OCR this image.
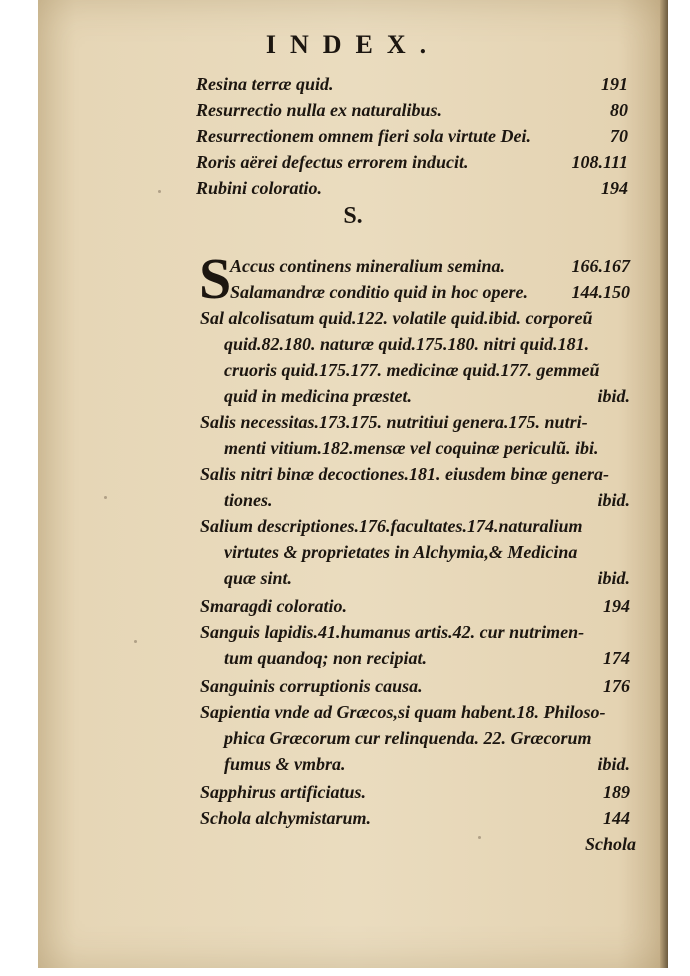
INDEX.
Resina terræ quid.	191
Resurrectio nulla ex naturalibus.	80
Resurrectionem omnem fieri sola virtute Dei.	70
Roris aërei defectus errorem inducit.	108.111
Rubini coloratio.	194
S.
S
Accus continens mineralium semina.	166.167
Salamandræ conditio quid in hoc opere. 144.150
Sal alcolisatum quid.122. volatile quid.ibid. corporeũ
quid.82.180. naturæ quid.175.180. nitri quid.181.
cruoris quid.175.177. medicinæ quid.177. gemmeũ
quid in medicina præstet.	ibid.
Salis necessitas.173.175. nutritiui genera.175. nutri-
menti vitium.182.mensæ vel coquinæ periculũ. ibi.
Salis nitri binæ decoctiones.181. eiusdem binæ genera-
tiones.	ibid.
Salium descriptiones.176.facultates.174.naturalium
virtutes & proprietates in Alchymia,& Medicina
quæ sint.	ibid.
Smaragdi coloratio.	194
Sanguis lapidis.41.humanus artis.42. cur nutrimen-
tum quandoq; non recipiat.	174
Sanguinis corruptionis causa.	176
Sapientia vnde ad Græcos,si quam habent.18. Philoso-
phica Græcorum cur relinquenda. 22. Græcorum
fumus & vmbra.	ibid.
Sapphirus artificiatus.	189
Schola alchymistarum.	144
Schola
